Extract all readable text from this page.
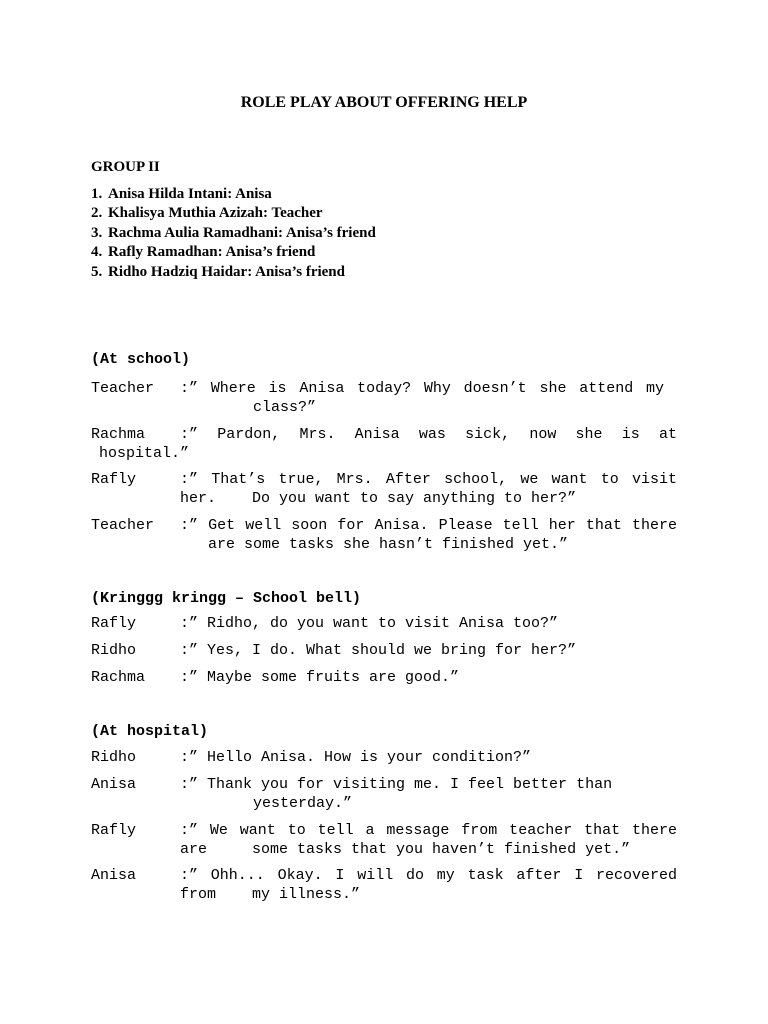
ROLE PLAY ABOUT OFFERING HELP
GROUP II
1. Anisa Hilda Intani: Anisa
2. Khalisya Muthia Azizah: Teacher
3. Rachma Aulia Ramadhani: Anisa’s friend
4. Rafly Ramadhan: Anisa’s friend
5. Ridho Hadziq Haidar: Anisa’s friend
(At school)
Teacher :” Where is Anisa today? Why doesn’t she attend my
class?”
Rachma :” Pardon, Mrs. Anisa was sick, now she is at
hospital.”
Rafly	:” That’s true, Mrs. After school, we want to visit
her.    Do you want to say anything to her?”
Teacher :” Get well soon for Anisa. Please tell her that there
are some tasks she hasn’t finished yet.”
(Kringgg kringg – School bell)
Rafly	:” Ridho, do you want to visit Anisa too?”
Ridho	:” Yes, I do. What should we bring for her?”
Rachma :” Maybe some fruits are good.”
(At hospital)
Ridho	:” Hello Anisa. How is your condition?”
Anisa	:” Thank you for visiting me. I feel better than
yesterday.”
Rafly	:” We want to tell a message from teacher that there
are     some tasks that you haven’t finished yet.”
Anisa	:” Ohh... Okay. I will do my task after I recovered
from    my illness.”
